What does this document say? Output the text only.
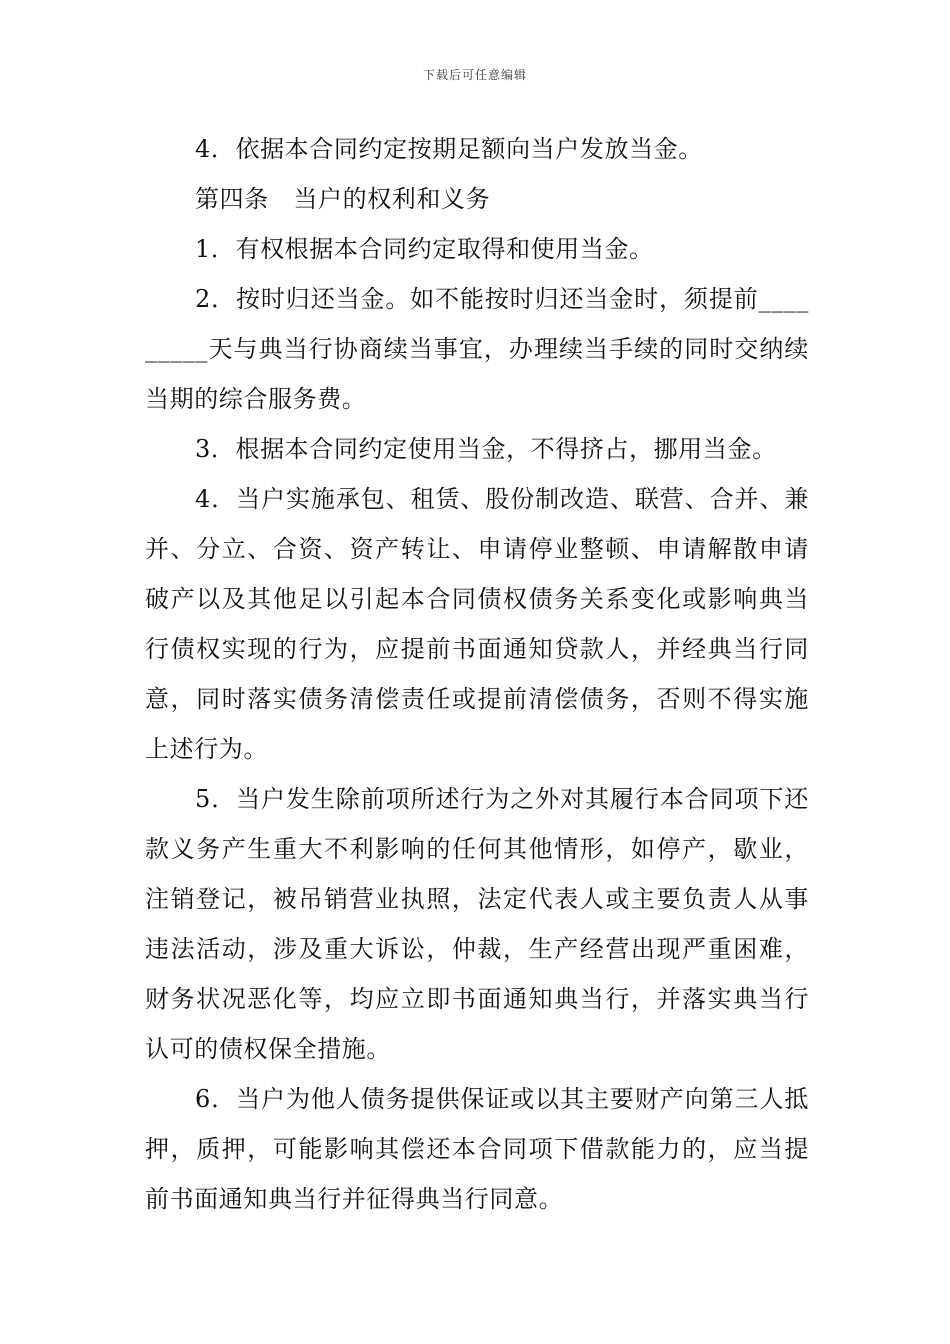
下载后可任意编辑

4．依据本合同约定按期足额向当户发放当金。

第四条　当户的权利和义务

1．有权根据本合同约定取得和使用当金。

2．按时归还当金。如不能按时归还当金时，须提前_________天与典当行协商续当事宜，办理续当手续的同时交纳续当期的综合服务费。

3．根据本合同约定使用当金，不得挤占，挪用当金。

4．当户实施承包、租赁、股份制改造、联营、合并、兼并、分立、合资、资产转让、申请停业整顿、申请解散申请破产以及其他足以引起本合同债权债务关系变化或影响典当行债权实现的行为，应提前书面通知贷款人，并经典当行同意，同时落实债务清偿责任或提前清偿债务，否则不得实施上述行为。

5．当户发生除前项所述行为之外对其履行本合同项下还款义务产生重大不利影响的任何其他情形，如停产，歇业，注销登记，被吊销营业执照，法定代表人或主要负责人从事违法活动，涉及重大诉讼，仲裁，生产经营出现严重困难，财务状况恶化等，均应立即书面通知典当行，并落实典当行认可的债权保全措施。

6．当户为他人债务提供保证或以其主要财产向第三人抵押，质押，可能影响其偿还本合同项下借款能力的，应当提前书面通知典当行并征得典当行同意。
